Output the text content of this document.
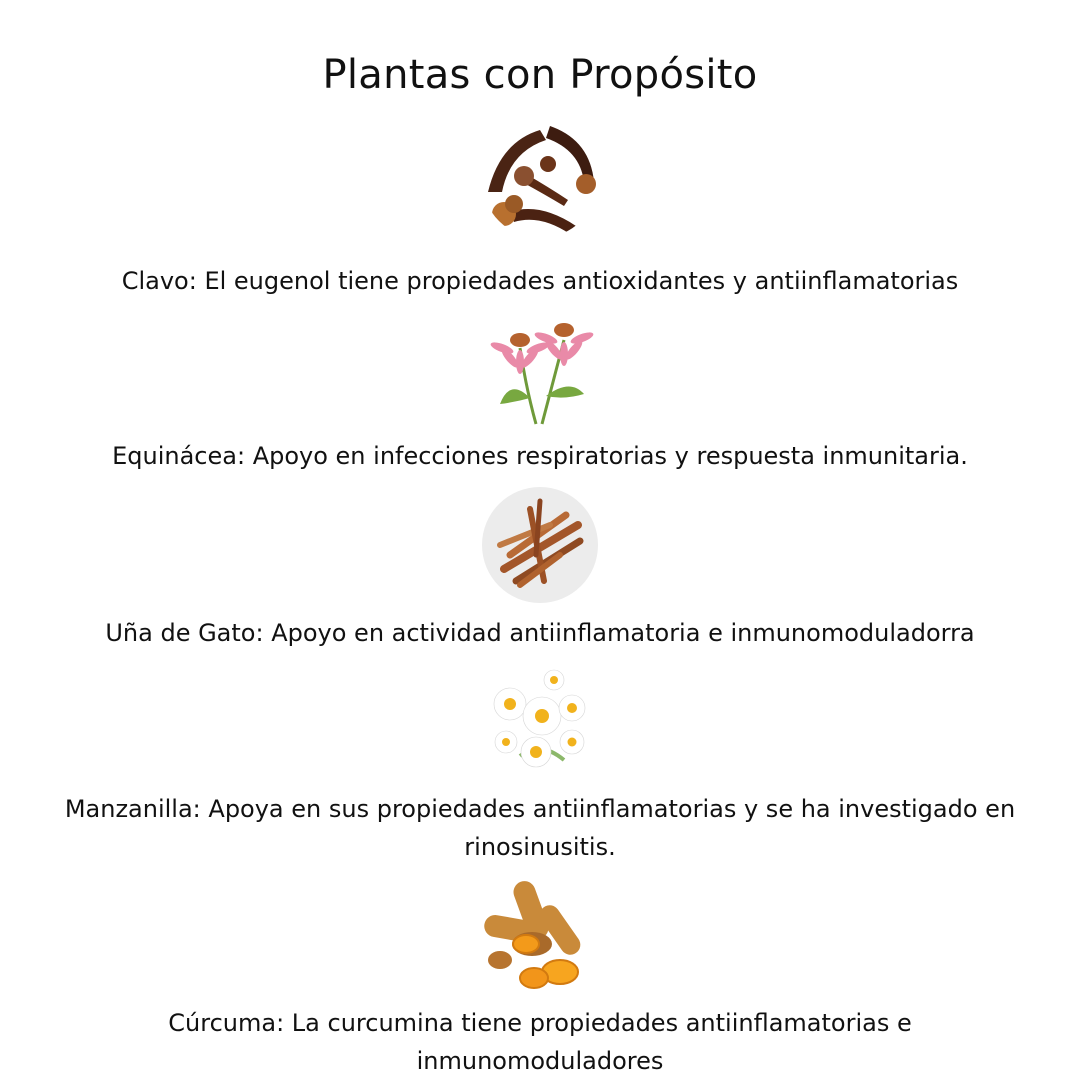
Plantas con Propósito
Clavo: El eugenol tiene propiedades antioxidantes y antiinflamatorias
Equinácea: Apoyo en infecciones respiratorias y respuesta inmunitaria.
Uña de Gato: Apoyo en actividad antiinflamatoria e inmunomoduladorra
Manzanilla: Apoya en sus propiedades antiinflamatorias y se ha investigado en
rinosinusitis.
Cúrcuma: La curcumina tiene propiedades antiinflamatorias e
inmunomoduladores
